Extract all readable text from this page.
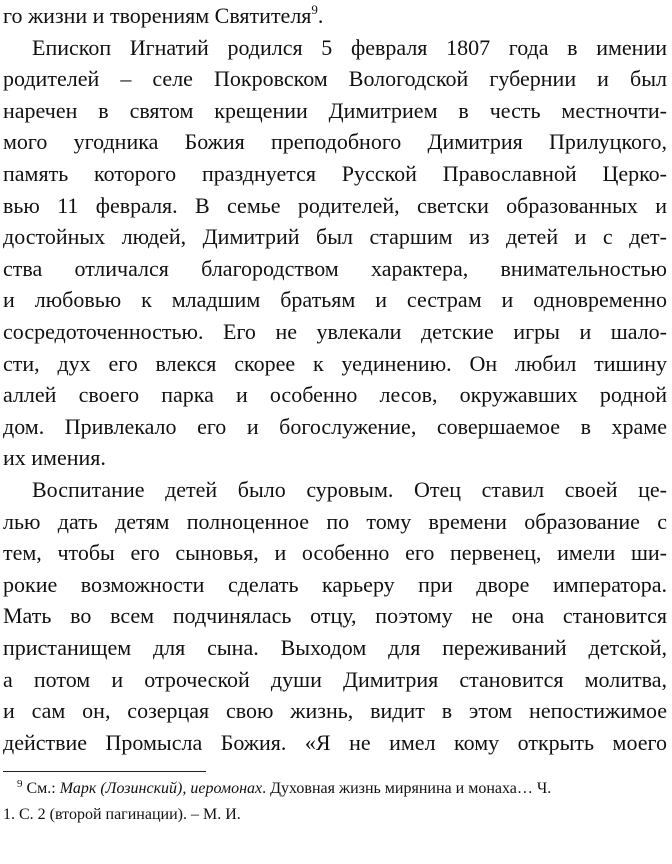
го жизни и творениям Святителя$^9$.
Епископ Игнатий родился 5 февраля 1807 года в имении
родителей – селе Покровском Вологодской губернии и был
наречен в святом крещении Димитрием в честь местночти-
мого угодника Божия преподобного Димитрия Прилуцкого,
память которого празднуется Русской Православной Церко-
вью 11 февраля. В семье родителей, светски образованных и
достойных людей, Димитрий был старшим из детей и с дет-
ства отличался благородством характера, внимательностью
и любовью к младшим братьям и сестрам и одновременно
сосредоточенностью. Его не увлекали детские игры и шало-
сти, дух его влекся скорее к уединению. Он любил тишину
аллей своего парка и особенно лесов, окружавших родной
дом. Привлекало его и богослужение, совершаемое в храме
их имения.
Воспитание детей было суровым. Отец ставил своей це-
лью дать детям полноценное по тому времени образование с
тем, чтобы его сыновья, и особенно его первенец, имели ши-
рокие возможности сделать карьеру при дворе императора.
Мать во всем подчинялась отцу, поэтому не она становится
пристанищем для сына. Выходом для переживаний детской,
а потом и отроческой души Димитрия становится молитва,
и сам он, созерцая свою жизнь, видит в этом непостижимое
действие Промысла Божия. «Я не имел кому открыть моего
$^9$ См.: Марк (Лозинский), иеромонах. Духовная жизнь мирянина и монаха… Ч.
1. С. 2 (второй пагинации). – М. И.
